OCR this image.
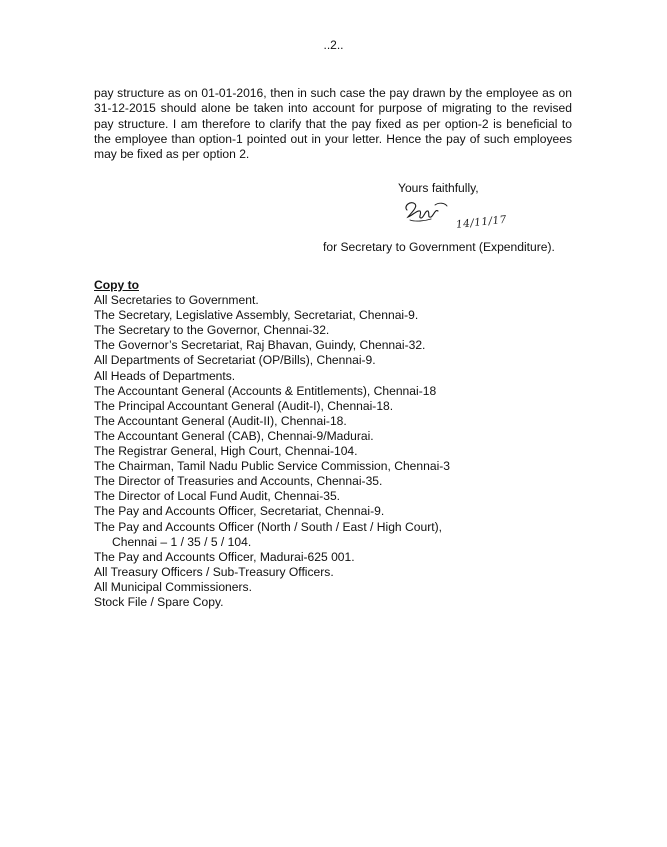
..2..

pay structure as on 01-01-2016, then in such case the pay drawn by the employee as on 31-12-2015 should alone be taken into account for purpose of migrating to the revised pay structure. I am therefore to clarify that the pay fixed as per option-2 is beneficial to the employee than option-1 pointed out in your letter. Hence the pay of such employees may be fixed as per option 2.

Yours faithfully,
14/11/17
for Secretary to Government (Expenditure).
Copy to
All Secretaries to Government.
The Secretary, Legislative Assembly, Secretariat, Chennai-9.
The Secretary to the Governor, Chennai-32.
The Governor’s Secretariat, Raj Bhavan, Guindy, Chennai-32.
All Departments of Secretariat (OP/Bills), Chennai-9.
All Heads of Departments.
The Accountant General (Accounts & Entitlements), Chennai-18
The Principal Accountant General (Audit-I), Chennai-18.
The Accountant General (Audit-II), Chennai-18.
The Accountant General (CAB), Chennai-9/Madurai.
The Registrar General, High Court, Chennai-104.
The Chairman, Tamil Nadu Public Service Commission, Chennai-3
The Director of Treasuries and Accounts, Chennai-35.
The Director of Local Fund Audit, Chennai-35.
The Pay and Accounts Officer, Secretariat, Chennai-9.
The Pay and Accounts Officer (North / South / East / High Court),
Chennai – 1 / 35 / 5 / 104.
The Pay and Accounts Officer, Madurai-625 001.
All Treasury Officers / Sub-Treasury Officers.
All Municipal Commissioners.
Stock File / Spare Copy.
